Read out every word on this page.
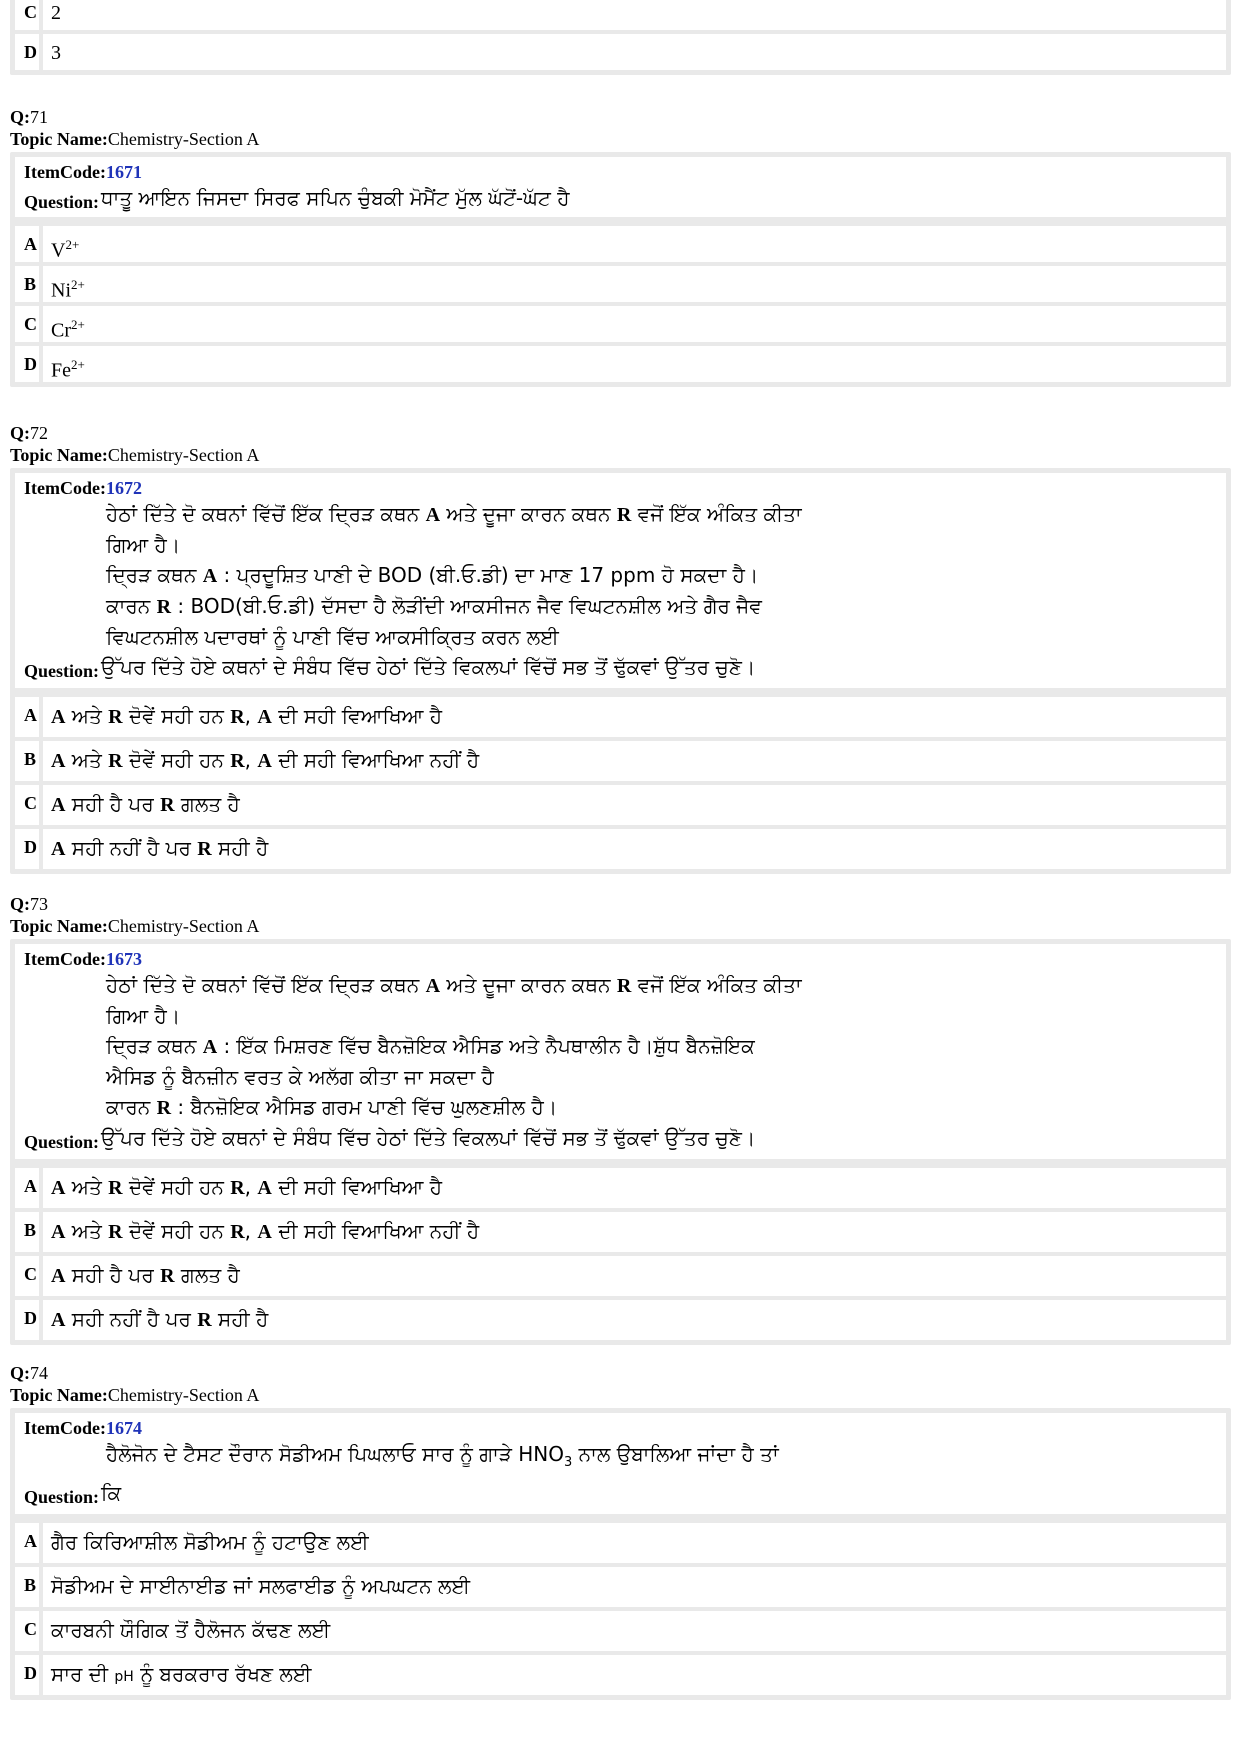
C 2
D 3
Q:71
Topic Name:Chemistry-Section A
ItemCode:1671
Question: ਧਾਤੂ ਆਇਨ ਜਿਸਦਾ ਸਿਰਫ ਸਪਿਨ ਚੁੰਬਕੀ ਮੋਮੈਂਟ ਮੁੱਲ ਘੱਟੋਂ-ਘੱਟ ਹੈ
A $V^{2+}$
B $Ni^{2+}$
C $Cr^{2+}$
D $Fe^{2+}$
Q:72
Topic Name:Chemistry-Section A
ItemCode:1672
ਹੇਠਾਂ ਦਿੱਤੇ ਦੋ ਕਥਨਾਂ ਵਿੱਚੋਂ ਇੱਕ ਦ੍ਰਿੜ ਕਥਨ A ਅਤੇ ਦੂਜਾ ਕਾਰਨ ਕਥਨ R ਵਜੋਂ ਇੱਕ ਅੰਕਿਤ ਕੀਤਾ
ਗਿਆ ਹੈ।
ਦ੍ਰਿੜ ਕਥਨ A : ਪ੍ਰਦੂਸ਼ਿਤ ਪਾਣੀ ਦੇ BOD (ਬੀ.ਓ.ਡੀ) ਦਾ ਮਾਣ 17 ppm ਹੋ ਸਕਦਾ ਹੈ।
ਕਾਰਨ R : BOD(ਬੀ.ਓ.ਡੀ) ਦੱਸਦਾ ਹੈ ਲੋੜੀਂਦੀ ਆਕਸੀਜਨ ਜੈਵ ਵਿਘਟਨਸ਼ੀਲ ਅਤੇ ਗੈਰ ਜੈਵ
ਵਿਘਟਨਸ਼ੀਲ ਪਦਾਰਥਾਂ ਨੂੰ ਪਾਣੀ ਵਿੱਚ ਆਕਸੀਕ੍ਰਿਤ ਕਰਨ ਲਈ
Question: ਉੱਪਰ ਦਿੱਤੇ ਹੋਏ ਕਥਨਾਂ ਦੇ ਸੰਬੰਧ ਵਿੱਚ ਹੇਠਾਂ ਦਿੱਤੇ ਵਿਕਲਪਾਂ ਵਿੱਚੋਂ ਸਭ ਤੋਂ ਢੁੱਕਵਾਂ ਉੱਤਰ ਚੁਣੋ।
A A ਅਤੇ R ਦੋਵੇਂ ਸਹੀ ਹਨ R, A ਦੀ ਸਹੀ ਵਿਆਖਿਆ ਹੈ
B A ਅਤੇ R ਦੋਵੇਂ ਸਹੀ ਹਨ R, A ਦੀ ਸਹੀ ਵਿਆਖਿਆ ਨਹੀਂ ਹੈ
C A ਸਹੀ ਹੈ ਪਰ R ਗਲਤ ਹੈ
D A ਸਹੀ ਨਹੀਂ ਹੈ ਪਰ R ਸਹੀ ਹੈ
Q:73
Topic Name:Chemistry-Section A
ItemCode:1673
ਹੇਠਾਂ ਦਿੱਤੇ ਦੋ ਕਥਨਾਂ ਵਿੱਚੋਂ ਇੱਕ ਦ੍ਰਿੜ ਕਥਨ A ਅਤੇ ਦੂਜਾ ਕਾਰਨ ਕਥਨ R ਵਜੋਂ ਇੱਕ ਅੰਕਿਤ ਕੀਤਾ
ਗਿਆ ਹੈ।
ਦ੍ਰਿੜ ਕਥਨ A : ਇੱਕ ਮਿਸ਼ਰਣ ਵਿੱਚ ਬੈਨਜ਼ੋਇਕ ਐਸਿਡ ਅਤੇ ਨੈਪਥਾਲੀਨ ਹੈ।ਸ਼ੁੱਧ ਬੈਨਜ਼ੋਇਕ
ਐਸਿਡ ਨੂੰ ਬੈਨਜ਼ੀਨ ਵਰਤ ਕੇ ਅਲੱਗ ਕੀਤਾ ਜਾ ਸਕਦਾ ਹੈ
ਕਾਰਨ R : ਬੈਨਜ਼ੋਇਕ ਐਸਿਡ ਗਰਮ ਪਾਣੀ ਵਿੱਚ ਘੁਲਣਸ਼ੀਲ ਹੈ।
Question: ਉੱਪਰ ਦਿੱਤੇ ਹੋਏ ਕਥਨਾਂ ਦੇ ਸੰਬੰਧ ਵਿੱਚ ਹੇਠਾਂ ਦਿੱਤੇ ਵਿਕਲਪਾਂ ਵਿੱਚੋਂ ਸਭ ਤੋਂ ਢੁੱਕਵਾਂ ਉੱਤਰ ਚੁਣੋ।
A A ਅਤੇ R ਦੋਵੇਂ ਸਹੀ ਹਨ R, A ਦੀ ਸਹੀ ਵਿਆਖਿਆ ਹੈ
B A ਅਤੇ R ਦੋਵੇਂ ਸਹੀ ਹਨ R, A ਦੀ ਸਹੀ ਵਿਆਖਿਆ ਨਹੀਂ ਹੈ
C A ਸਹੀ ਹੈ ਪਰ R ਗਲਤ ਹੈ
D A ਸਹੀ ਨਹੀਂ ਹੈ ਪਰ R ਸਹੀ ਹੈ
Q:74
Topic Name:Chemistry-Section A
ItemCode:1674
ਹੈਲੋਜੋਨ ਦੇ ਟੈਸਟ ਦੌਰਾਨ ਸੋਡੀਅਮ ਪਿਘਲਾਓ ਸਾਰ ਨੂੰ ਗਾੜੇ $HNO_3$ ਨਾਲ ਉਬਾਲਿਆ ਜਾਂਦਾ ਹੈ ਤਾਂ
Question: ਕਿ
A ਗੈਰ ਕਿਰਿਆਸ਼ੀਲ ਸੋਡੀਅਮ ਨੂੰ ਹਟਾਉਣ ਲਈ
B ਸੋਡੀਅਮ ਦੇ ਸਾਈਨਾਈਡ ਜਾਂ ਸਲਫਾਈਡ ਨੂੰ ਅਪਘਟਨ ਲਈ
C ਕਾਰਬਨੀ ਯੌਗਿਕ ਤੋਂ ਹੈਲੋਜਨ ਕੱਢਣ ਲਈ
D ਸਾਰ ਦੀ pH ਨੂੰ ਬਰਕਰਾਰ ਰੱਖਣ ਲਈ
